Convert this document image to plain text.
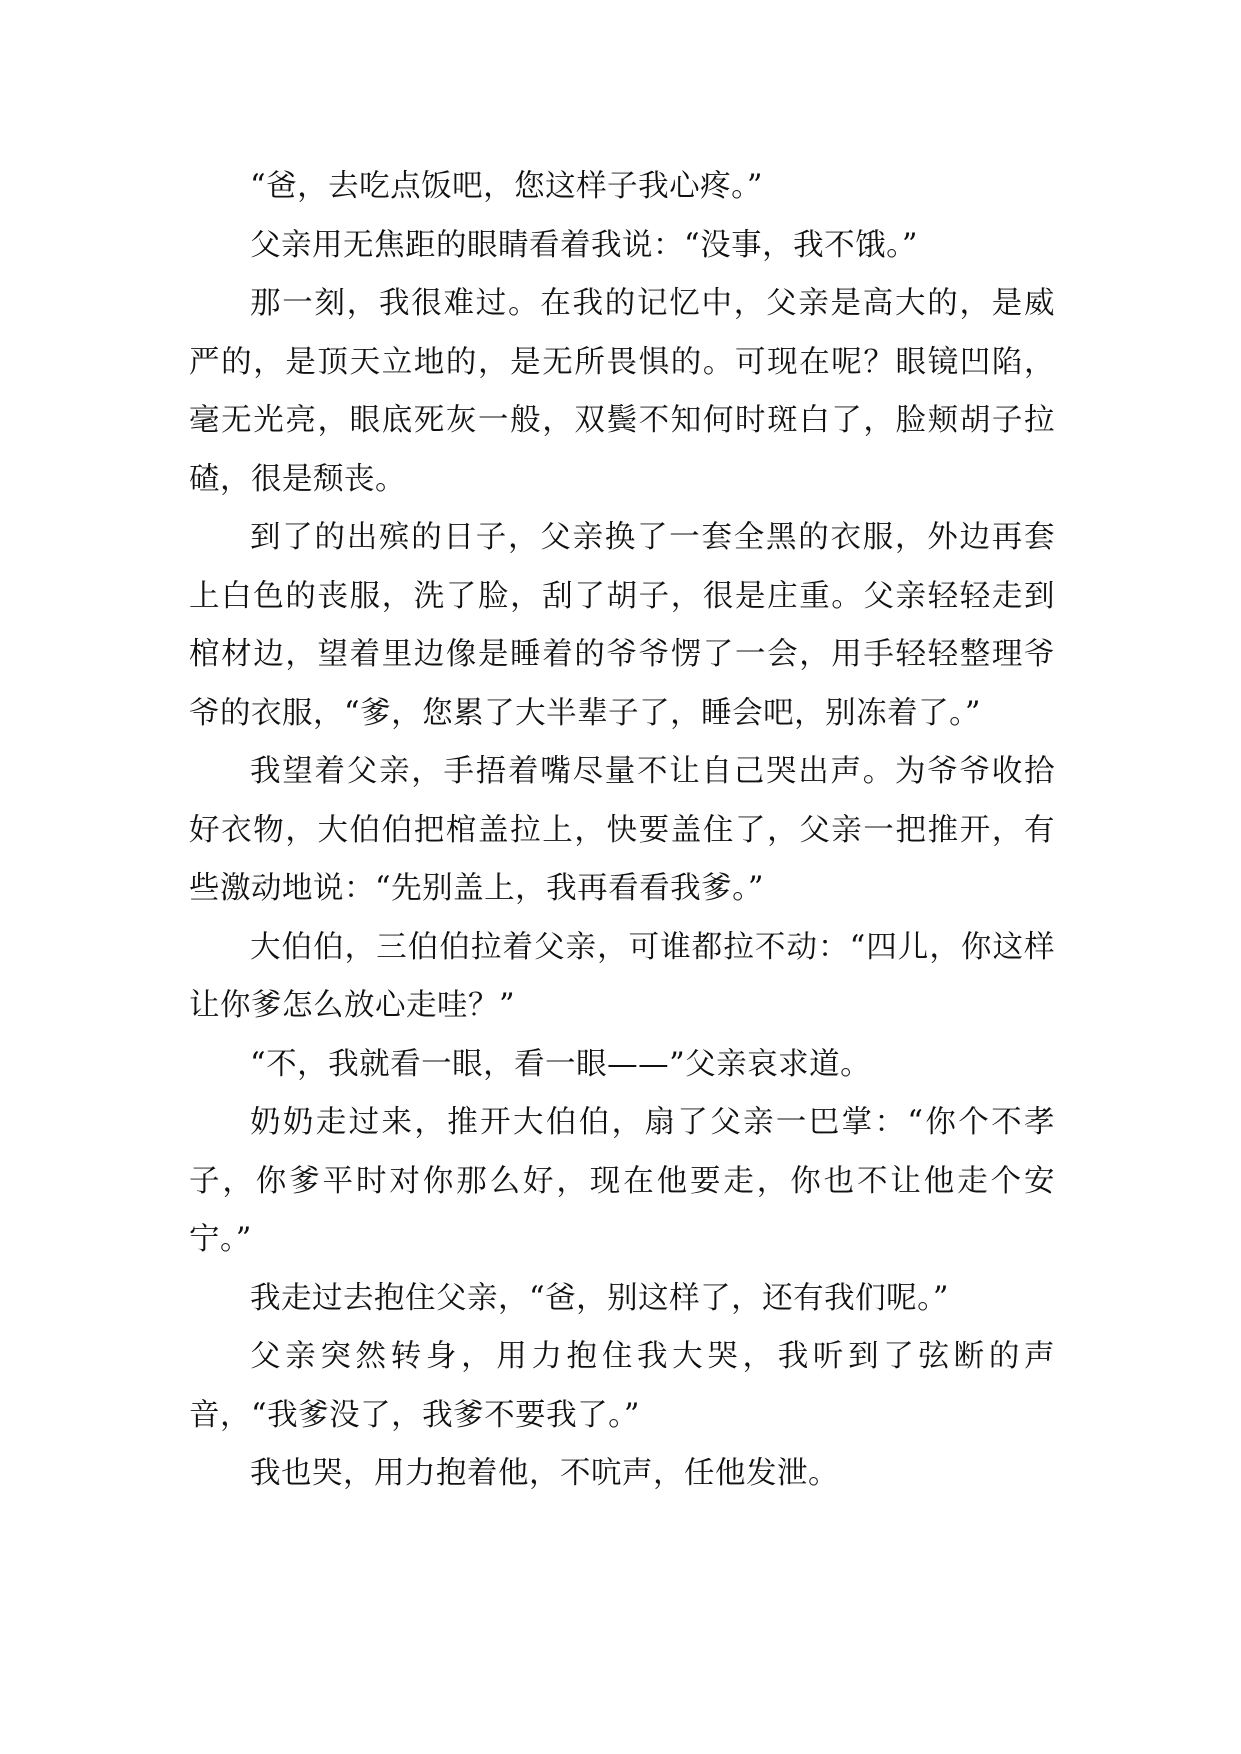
“爸，去吃点饭吧，您这样子我心疼。”

父亲用无焦距的眼睛看着我说：“没事，我不饿。”

那一刻，我很难过。在我的记忆中，父亲是高大的，是威严的，是顶天立地的，是无所畏惧的。可现在呢？眼镜凹陷，毫无光亮，眼底死灰一般，双鬓不知何时斑白了，脸颊胡子拉碴，很是颓丧。

到了的出殡的日子，父亲换了一套全黑的衣服，外边再套上白色的丧服，洗了脸，刮了胡子，很是庄重。父亲轻轻走到棺材边，望着里边像是睡着的爷爷愣了一会，用手轻轻整理爷爷的衣服，“爹，您累了大半辈子了，睡会吧，别冻着了。”

我望着父亲，手捂着嘴尽量不让自己哭出声。为爷爷收拾好衣物，大伯伯把棺盖拉上，快要盖住了，父亲一把推开，有些激动地说：“先别盖上，我再看看我爹。”

大伯伯，三伯伯拉着父亲，可谁都拉不动：“四儿，你这样让你爹怎么放心走哇？”

“不，我就看一眼，看一眼——”父亲哀求道。

奶奶走过来，推开大伯伯，扇了父亲一巴掌：“你个不孝子，你爹平时对你那么好，现在他要走，你也不让他走个安宁。”

我走过去抱住父亲，“爸，别这样了，还有我们呢。”

父亲突然转身，用力抱住我大哭，我听到了弦断的声音，“我爹没了，我爹不要我了。”

我也哭，用力抱着他，不吭声，任他发泄。
